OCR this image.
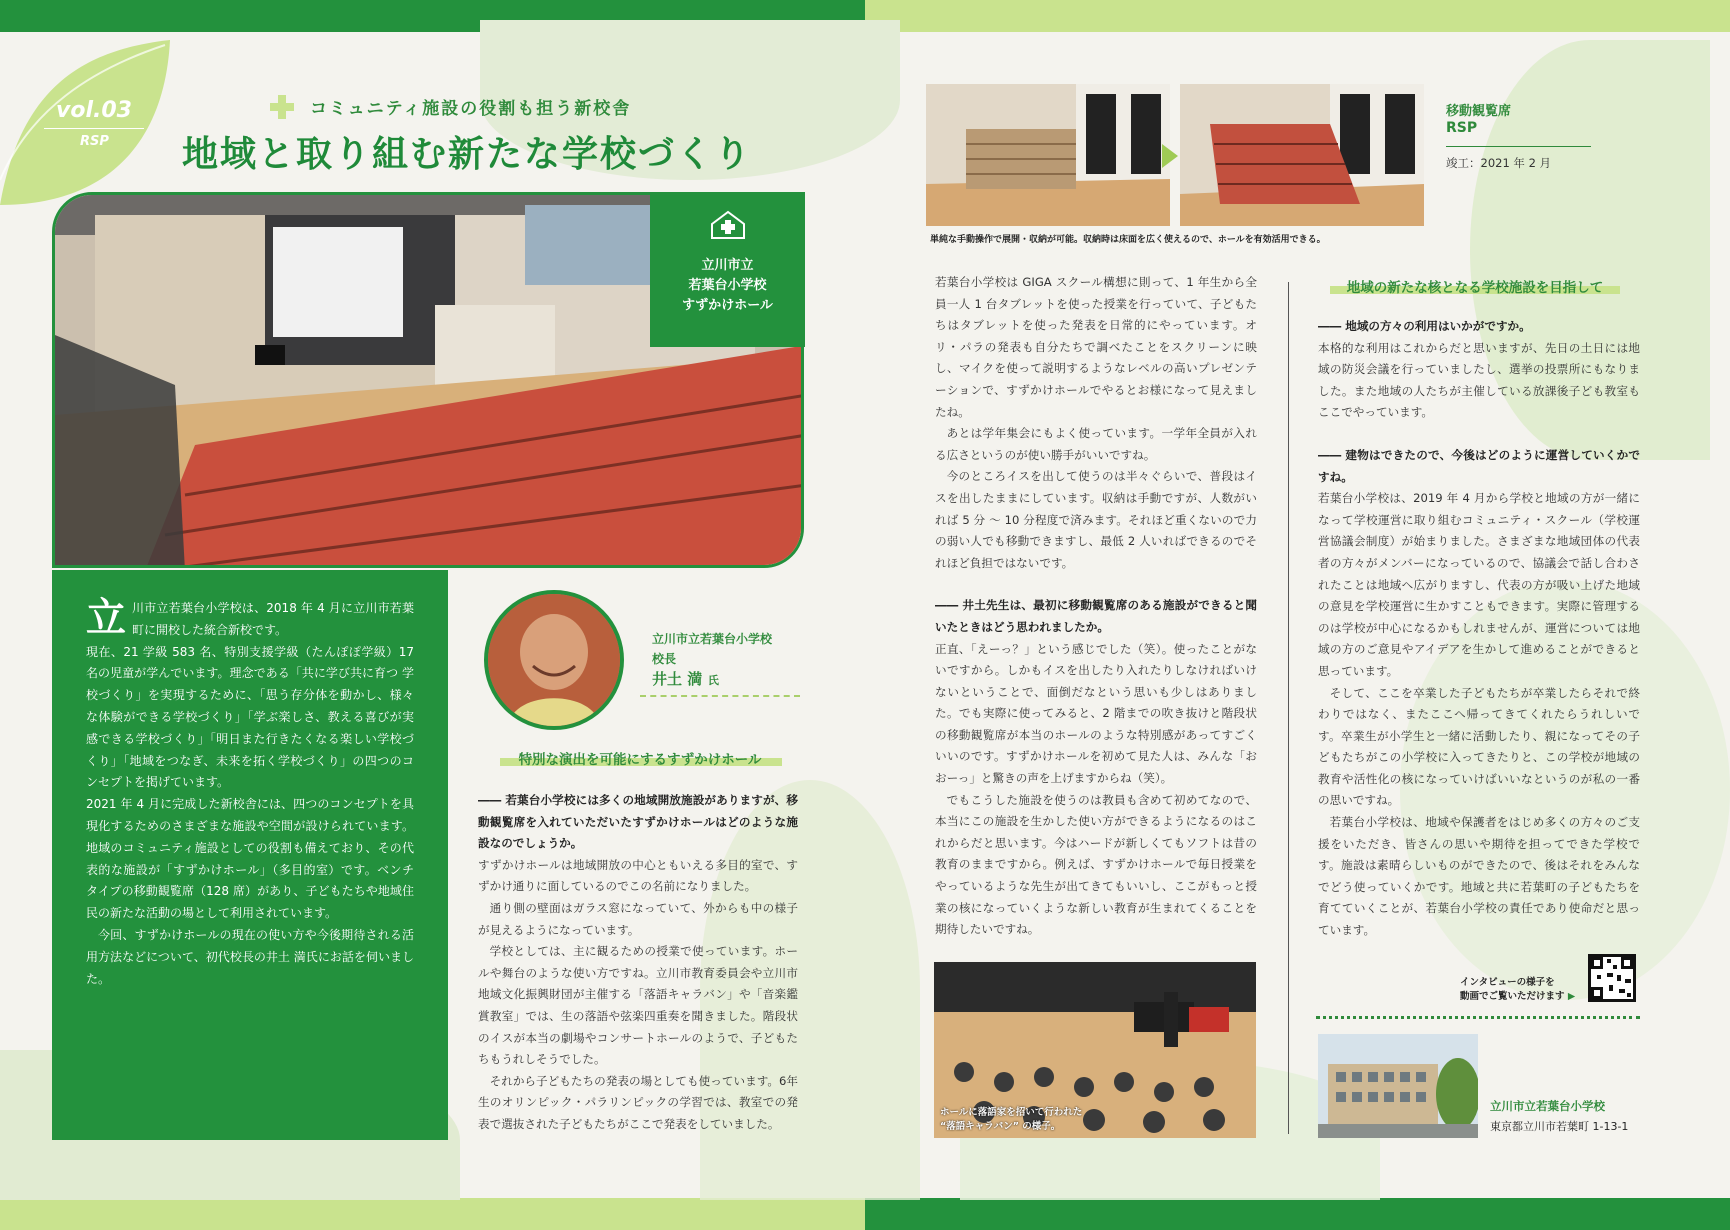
vol.03
RSP
コミュニティ施設の役割も担う新校舎
地域と取り組む新たな学校づくり
立川市立
若葉台小学校
すずかけホール

立川市立若葉台小学校は、2018 年 4 月に立川市若葉町に開校した統合新校です。

現在、21 学級 583 名、特別支援学級（たんぽぽ学級）17 名の児童が学んでいます。理念である「共に学び共に育つ 学校づくり」を実現するために、「思う存分体を動かし、様々な体験ができる学校づくり」「学ぶ楽しさ、教える喜びが実感できる学校づくり」「明日また行きたくなる楽しい学校づくり」「地域をつなぎ、未来を拓く学校づくり」の四つのコンセプトを掲げています。

2021 年 4 月に完成した新校舎には、四つのコンセプトを具現化するためのさまざまな施設や空間が設けられています。地域のコミュニティ施設としての役割も備えており、その代表的な施設が「すずかけホール」（多目的室）です。ベンチタイプの移動観覧席（128 席）があり、子どもたちや地域住民の新たな活動の場として利用されています。

今回、すずかけホールの現在の使い方や今後期待される活用方法などについて、初代校長の井土 満氏にお話を伺いました。

立川市立若葉台小学校
校長
井土 満 氏
特別な演出を可能にするすずかけホール

―― 若葉台小学校には多くの地域開放施設がありますが、移動観覧席を入れていただいたすずかけホールはどのような施設なのでしょうか。

すずかけホールは地域開放の中心ともいえる多目的室で、すずかけ通りに面しているのでこの名前になりました。

通り側の壁面はガラス窓になっていて、外からも中の様子が見えるようになっています。

学校としては、主に観るための授業で使っています。ホールや舞台のような使い方ですね。立川市教育委員会や立川市地域文化振興財団が主催する「落語キャラバン」や「音楽鑑賞教室」では、生の落語や弦楽四重奏を聞きました。階段状のイスが本当の劇場やコンサートホールのようで、子どもたちもうれしそうでした。

それから子どもたちの発表の場としても使っています。6年生のオリンピック・パラリンピックの学習では、教室での発表で選抜された子どもたちがここで発表をしていました。

移動観覧席
RSP
竣工：2021 年 2 月
単純な手動操作で展開・収納が可能。収納時は床面を広く使えるので、ホールを有効活用できる。

若葉台小学校は GIGA スクール構想に則って、1 年生から全員一人 1 台タブレットを使った授業を行っていて、子どもたちはタブレットを使った発表を日常的にやっています。オリ・パラの発表も自分たちで調べたことをスクリーンに映し、マイクを使って説明するようなレベルの高いプレゼンテーションで、すずかけホールでやるとお様になって見えましたね。

あとは学年集会にもよく使っています。一学年全員が入れる広さというのが使い勝手がいいですね。

今のところイスを出して使うのは半々ぐらいで、普段はイスを出したままにしています。収納は手動ですが、人数がいれば 5 分 〜 10 分程度で済みます。それほど重くないので力の弱い人でも移動できますし、最低 2 人いればできるのでそれほど負担ではないです。

―― 井土先生は、最初に移動観覧席のある施設ができると聞いたときはどう思われましたか。

正直、「えーっ？」という感じでした（笑）。使ったことがないですから。しかもイスを出したり入れたりしなければいけないということで、面倒だなという思いも少しはありました。でも実際に使ってみると、2 階までの吹き抜けと階段状の移動観覧席が本当のホールのような特別感があってすごくいいのです。すずかけホールを初めて見た人は、みんな「おおーっ」と驚きの声を上げますからね（笑）。

でもこうした施設を使うのは教員も含めて初めてなので、本当にこの施設を生かした使い方ができるようになるのはこれからだと思います。今はハードが新しくてもソフトは昔の教育のままですから。例えば、すずかけホールで毎日授業をやっているような先生が出てきてもいいし、ここがもっと授業の核になっていくような新しい教育が生まれてくることを期待したいですね。

ホールに落語家を招いて行われた
“落語キャラバン” の様子。
地域の新たな核となる学校施設を目指して

―― 地域の方々の利用はいかがですか。

本格的な利用はこれからだと思いますが、先日の土日には地域の防災会議を行っていましたし、選挙の投票所にもなりました。また地域の人たちが主催している放課後子ども教室もここでやっています。

―― 建物はできたので、今後はどのように運営していくかですね。

若葉台小学校は、2019 年 4 月から学校と地域の方が一緒になって学校運営に取り組むコミュニティ・スクール（学校運営協議会制度）が始まりました。さまざまな地域団体の代表者の方々がメンバーになっているので、協議会で話し合わされたことは地域へ広がりますし、代表の方が吸い上げた地域の意見を学校運営に生かすこともできます。実際に管理するのは学校が中心になるかもしれませんが、運営については地域の方のご意見やアイデアを生かして進めることができると思っています。

そして、ここを卒業した子どもたちが卒業したらそれで終わりではなく、またここへ帰ってきてくれたらうれしいです。卒業生が小学生と一緒に活動したり、親になってその子どもたちがこの小学校に入ってきたりと、この学校が地域の教育や活性化の核になっていけばいいなというのが私の一番の思いですね。

若葉台小学校は、地域や保護者をはじめ多くの方々のご支援をいただき、皆さんの思いや期待を担ってできた学校です。施設は素晴らしいものができたので、後はそれをみんなでどう使っていくかです。地域と共に若葉町の子どもたちを育てていくことが、若葉台小学校の責任であり使命だと思っています。

インタビューの様子を
動画でご覧いただけます ▶
立川市立若葉台小学校
東京都立川市若葉町 1-13-1
